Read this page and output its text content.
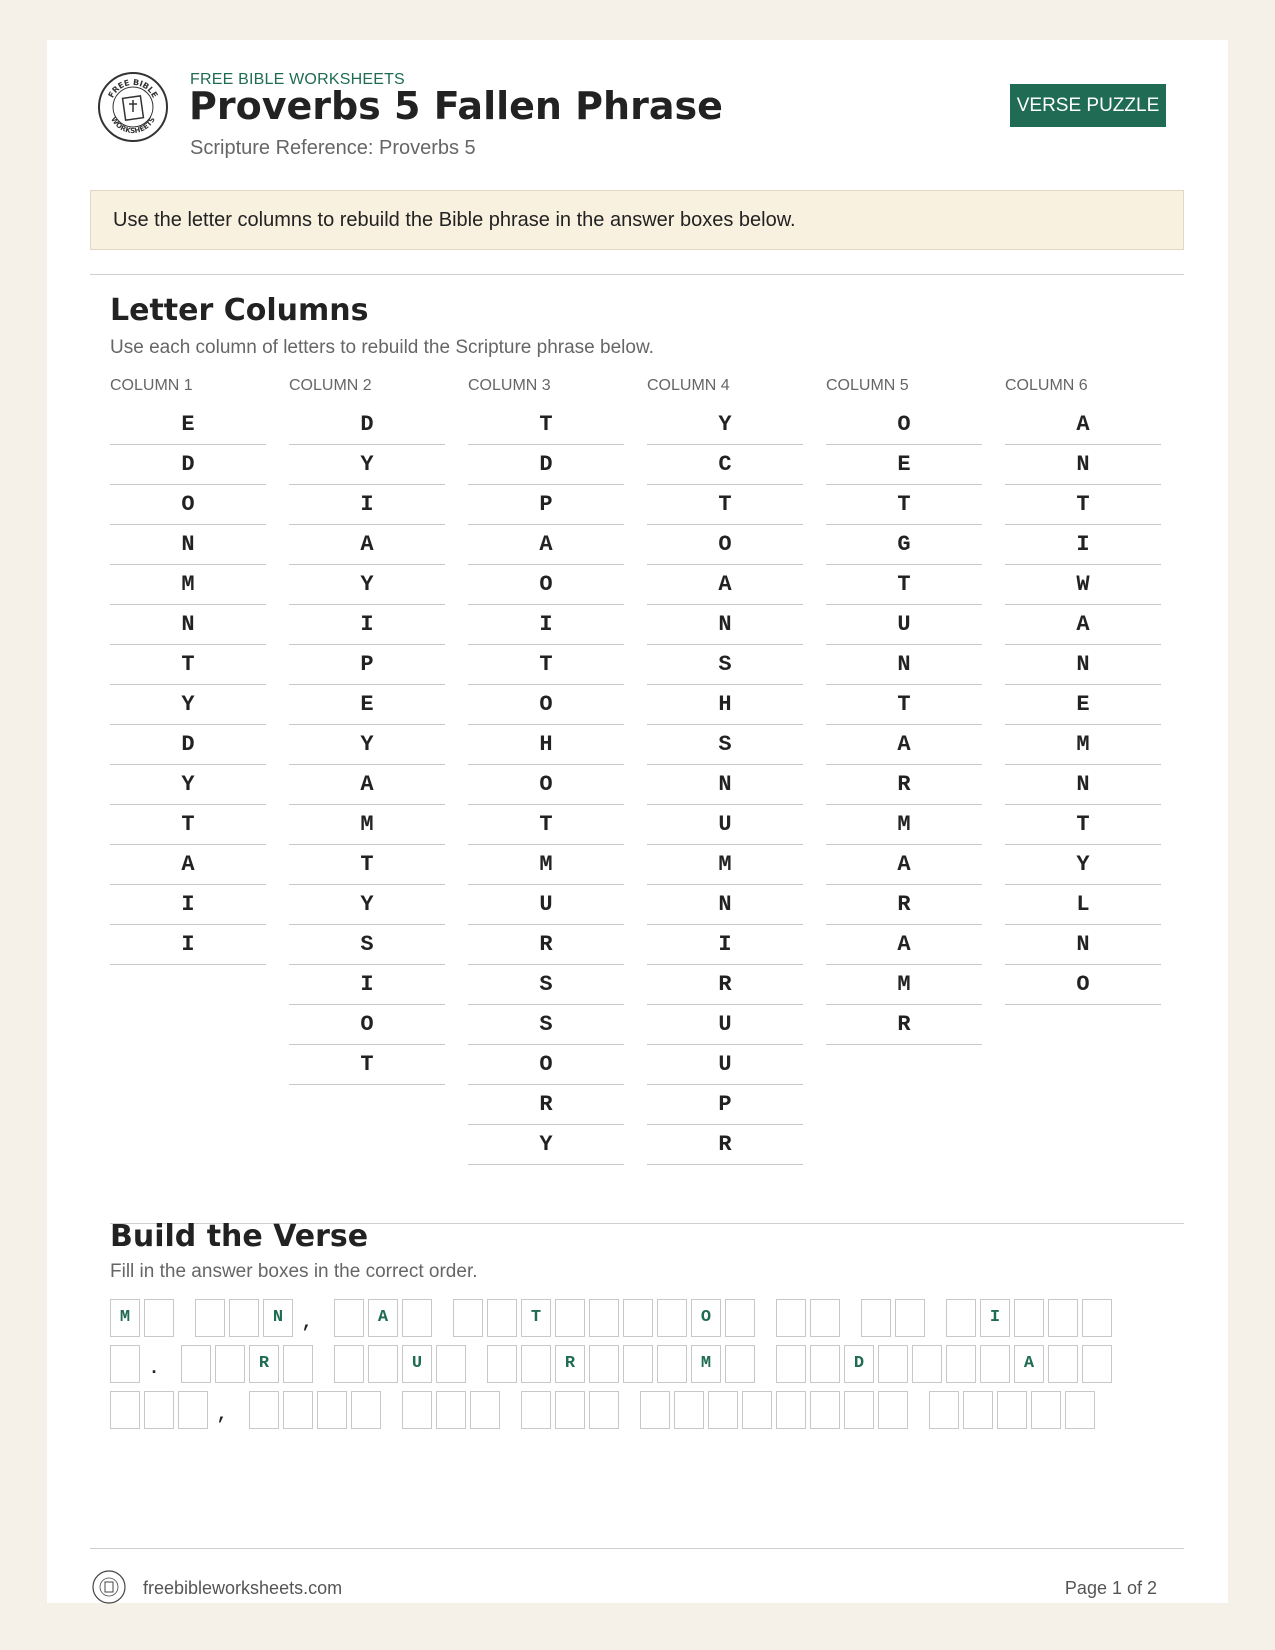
FREE BIBLE
WORKSHEETS
FREE BIBLE WORKSHEETS
Proverbs 5 Fallen Phrase
Scripture Reference: Proverbs 5
VERSE PUZZLE
Use the letter columns to rebuild the Bible phrase in the answer boxes below.
Letter Columns
Use each column of letters to rebuild the Scripture phrase below.
COLUMN 1
E
D
O
N
M
N
T
Y
D
Y
T
A
I
I
COLUMN 2
D
Y
I
A
Y
I
P
E
Y
A
M
T
Y
S
I
O
T
COLUMN 3
T
D
P
A
O
I
T
O
H
O
T
M
U
R
S
S
O
R
Y
COLUMN 4
Y
C
T
O
A
N
S
H
S
N
U
M
N
I
R
U
U
P
R
COLUMN 5
O
E
T
G
T
U
N
T
A
R
M
A
R
A
M
R
COLUMN 6
A
N
T
I
W
A
N
E
M
N
T
Y
L
N
O
Build the Verse
Fill in the answer boxes in the correct order.
M	N	,	A	T	O	I
.	R	U	R	M	D	A
,
freebibleworksheets.com	Page 1 of 2
